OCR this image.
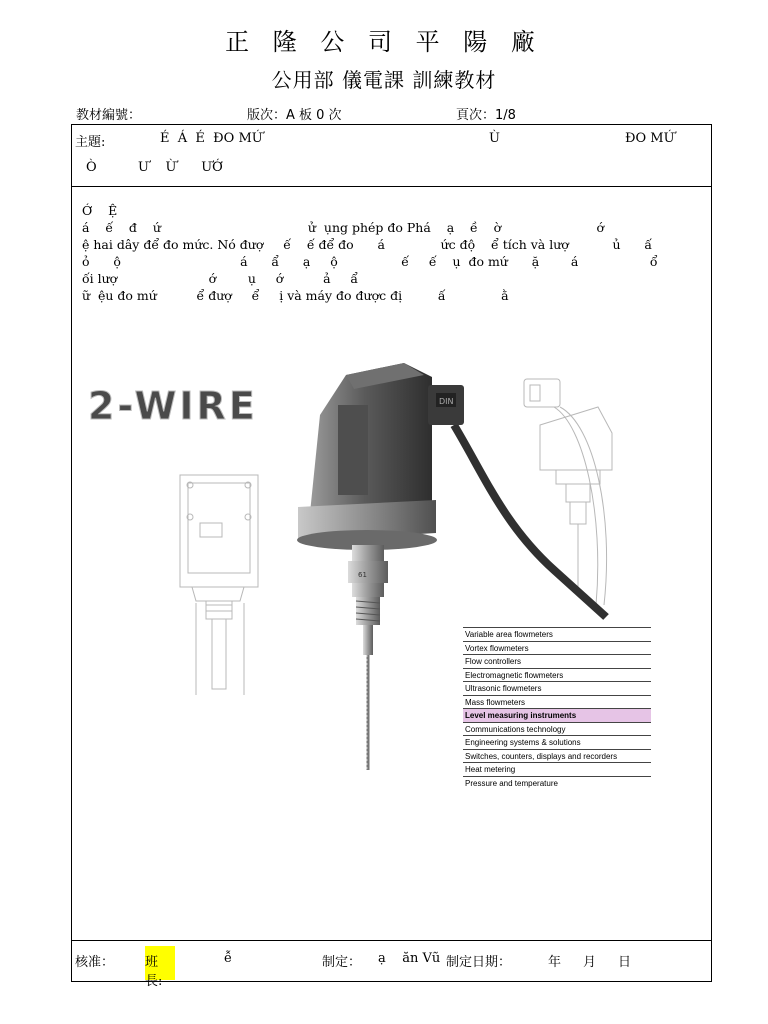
正 隆 公 司 平 陽 廠
公用部 儀電課 訓練教材
教材編號：	版次：A 板 0 次	頁次：1/8
主題:	É  Á  É  ĐO MỨ	Ù	ĐO MỨ
Ò          Ư    Ừ      ƯỚ
Ớ    Ệ
á    ế    đ    ứ                                     ử  ụng phép đo Phá    ạ    ề    ờ                        ớ
ệ hai dây để đo mức. Nó đượ     ế    ế để đo      á              ức độ    ể tích và lượ           ủ      ấ
ỏ      ộ                              á      ẩ      ạ     ộ                ế     ế    ụ  đo mứ      ặ        á                  ổ
ối lượ                       ớ        ụ     ớ          ả     ẩ
ữ  ệu đo mứ          ể đượ     ể     ị và máy đo được đị         ấ              ằ
2-WIRE	DIN
61
Variable area flowmeters
Vortex flowmeters
Flow controllers
Electromagnetic flowmeters
Ultrasonic flowmeters
Mass flowmeters
Level measuring instruments
Communications technology
Engineering systems & solutions
Switches, counters, displays and recorders
Heat metering
Pressure and temperature
核准： 班長:
ễ	制定： ạ    ăn Vũ 制定日期：	年 月 日
